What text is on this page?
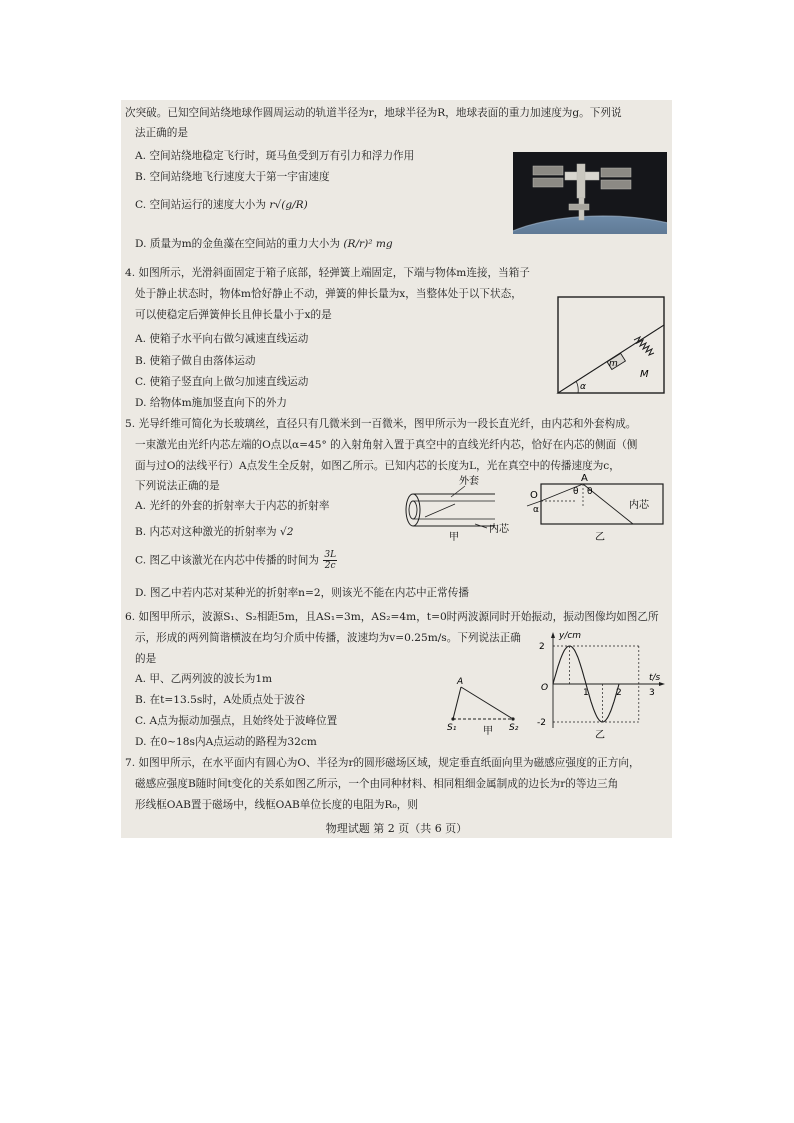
次突破。已知空间站绕地球作圆周运动的轨道半径为r，地球半径为R，地球表面的重力加速度为g。下列说
法正确的是
A. 空间站绕地稳定飞行时，斑马鱼受到万有引力和浮力作用
B. 空间站绕地飞行速度大于第一宇宙速度
C. 空间站运行的速度大小为 r√(g/R)
D. 质量为m的金鱼藻在空间站的重力大小为 (R/r)² mg
4. 如图所示，光滑斜面固定于箱子底部，轻弹簧上端固定，下端与物体m连接，当箱子
处于静止状态时，物体m恰好静止不动，弹簧的伸长量为x，当整体处于以下状态，
可以使稳定后弹簧伸长且伸长量小于x的是
A. 使箱子水平向右做匀减速直线运动
B. 使箱子做自由落体运动
C. 使箱子竖直向上做匀加速直线运动
D. 给物体m施加竖直向下的外力
m
M
α
5. 光导纤维可简化为长玻璃丝，直径只有几微米到一百微米，图甲所示为一段长直光纤，由内芯和外套构成。
一束激光由光纤内芯左端的O点以α=45° 的入射角射入置于真空中的直线光纤内芯，恰好在内芯的侧面（侧
面与过O的法线平行）A点发生全反射，如图乙所示。已知内芯的长度为L，光在真空中的传播速度为c，
下列说法正确的是
A. 光纤的外套的折射率大于内芯的折射率
B. 内芯对这种激光的折射率为 √2
C. 图乙中该激光在内芯中传播的时间为 $\frac{3L}{2c}$
D. 图乙中若内芯对某种光的折射率n=2，则该光不能在内芯中正常传播
外套
内芯
甲
A
O	θ θ
α	内芯
乙
6. 如图甲所示，波源S₁、S₂相距5m，且AS₁=3m，AS₂=4m，t=0时两波源同时开始振动，振动图像均如图乙所
示，形成的两列简谐横波在均匀介质中传播，波速均为v=0.25m/s。下列说法正确
的是
A. 甲、乙两列波的波长为1m
B. 在t=13.5s时，A处质点处于波谷
C. A点为振动加强点，且始终处于波峰位置
D. 在0~18s内A点运动的路程为32cm
A
S₁	S₂
甲
y/cm
t/s
O
2
-2
1	2	3
乙
7. 如图甲所示，在水平面内有圆心为O、半径为r的圆形磁场区域，规定垂直纸面向里为磁感应强度的正方向，
磁感应强度B随时间t变化的关系如图乙所示，一个由同种材料、相同粗细金属制成的边长为r的等边三角
形线框OAB置于磁场中，线框OAB单位长度的电阻为R₀，则
物理试题 第 2 页（共 6 页）
